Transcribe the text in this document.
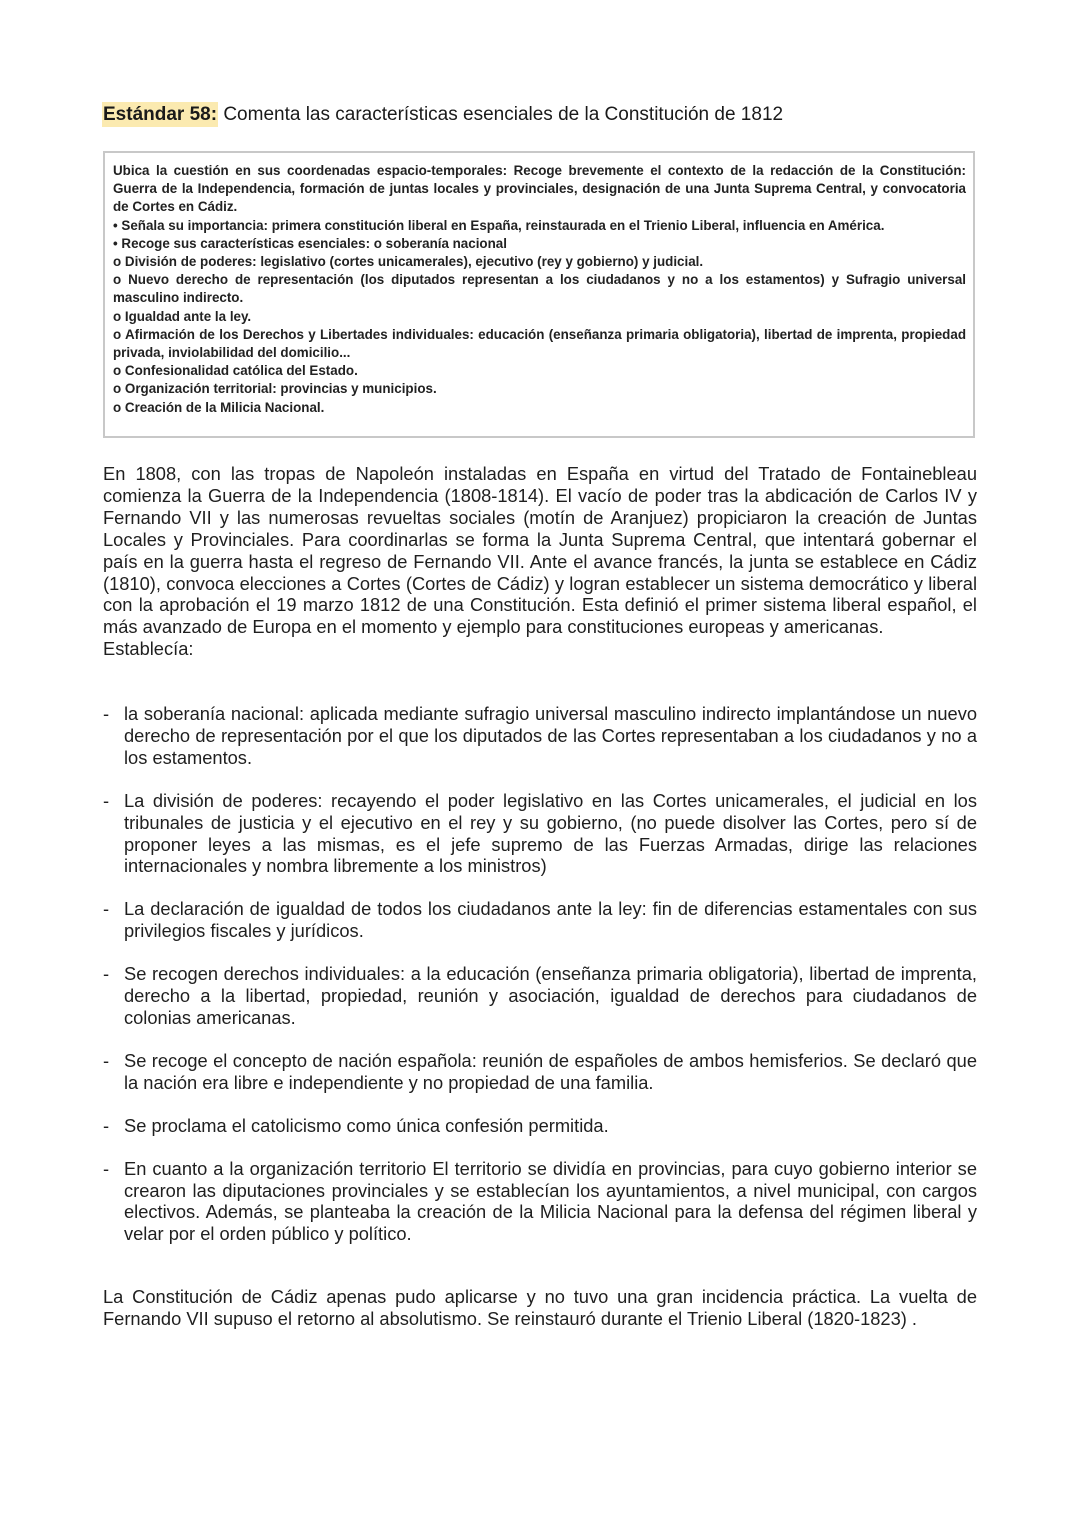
Estándar 58: Comenta las características esenciales de la Constitución de 1812

Ubica la cuestión en sus coordenadas espacio-temporales: Recoge brevemente el contexto de la redacción de la Constitución: Guerra de la Independencia, formación de juntas locales y provinciales, designación de una Junta Suprema Central, y convocatoria de Cortes en Cádiz.

• Señala su importancia: primera constitución liberal en España, reinstaurada en el Trienio Liberal, influencia en América.

• Recoge sus características esenciales: o soberanía nacional

o División de poderes: legislativo (cortes unicamerales), ejecutivo (rey y gobierno) y judicial.

o Nuevo derecho de representación (los diputados representan a los ciudadanos y no a los estamentos) y Sufragio universal masculino indirecto.

o Igualdad ante la ley.

o Afirmación de los Derechos y Libertades individuales: educación (enseñanza primaria obligatoria), libertad de imprenta, propiedad privada, inviolabilidad del domicilio...

o Confesionalidad católica del Estado.

o Organización territorial: provincias y municipios.

o Creación de la Milicia Nacional.

En 1808, con las tropas de Napoleón instaladas en España en virtud del Tratado de Fontainebleau comienza la Guerra de la Independencia (1808-1814). El vacío de poder tras la abdicación de Carlos IV y Fernando VII y las numerosas revueltas sociales (motín de Aranjuez) propiciaron la creación de Juntas Locales y Provinciales. Para coordinarlas se forma la Junta Suprema Central, que intentará gobernar el país en la guerra hasta el regreso de Fernando VII. Ante el avance francés, la junta se establece en Cádiz (1810), convoca elecciones a Cortes (Cortes de Cádiz) y logran establecer un sistema democrático y liberal con la aprobación el 19 marzo 1812 de una Constitución. Esta definió el primer sistema liberal español, el más avanzado de Europa en el momento y ejemplo para constituciones europeas y americanas.

Establecía:

- la soberanía nacional: aplicada mediante sufragio universal masculino indirecto implantándose un nuevo derecho de representación por el que los diputados de las Cortes representaban a los ciudadanos y no a los estamentos.
- La división de poderes: recayendo el poder legislativo en las Cortes unicamerales, el judicial en los tribunales de justicia y el ejecutivo en el rey y su gobierno, (no puede disolver las Cortes, pero sí de proponer leyes a las mismas, es el jefe supremo de las Fuerzas Armadas, dirige las relaciones internacionales y nombra libremente a los ministros)
- La declaración de igualdad de todos los ciudadanos ante la ley: fin de diferencias estamentales con sus privilegios fiscales y jurídicos.
- Se recogen derechos individuales: a la educación (enseñanza primaria obligatoria), libertad de imprenta, derecho a la libertad, propiedad, reunión y asociación, igualdad de derechos para ciudadanos de colonias americanas.
- Se recoge el concepto de nación española: reunión de españoles de ambos hemisferios. Se declaró que la nación era libre e independiente y no propiedad de una familia.
- Se proclama el catolicismo como única confesión permitida.
- En cuanto a la organización territorio El territorio se dividía en provincias, para cuyo gobierno interior se crearon las diputaciones provinciales y se establecían los ayuntamientos, a nivel municipal, con cargos electivos. Además, se planteaba la creación de la Milicia Nacional para la defensa del régimen liberal y velar por el orden público y político.

La Constitución de Cádiz apenas pudo aplicarse y no tuvo una gran incidencia práctica. La vuelta de Fernando VII supuso el retorno al absolutismo. Se reinstauró durante el Trienio Liberal (1820-1823) .
